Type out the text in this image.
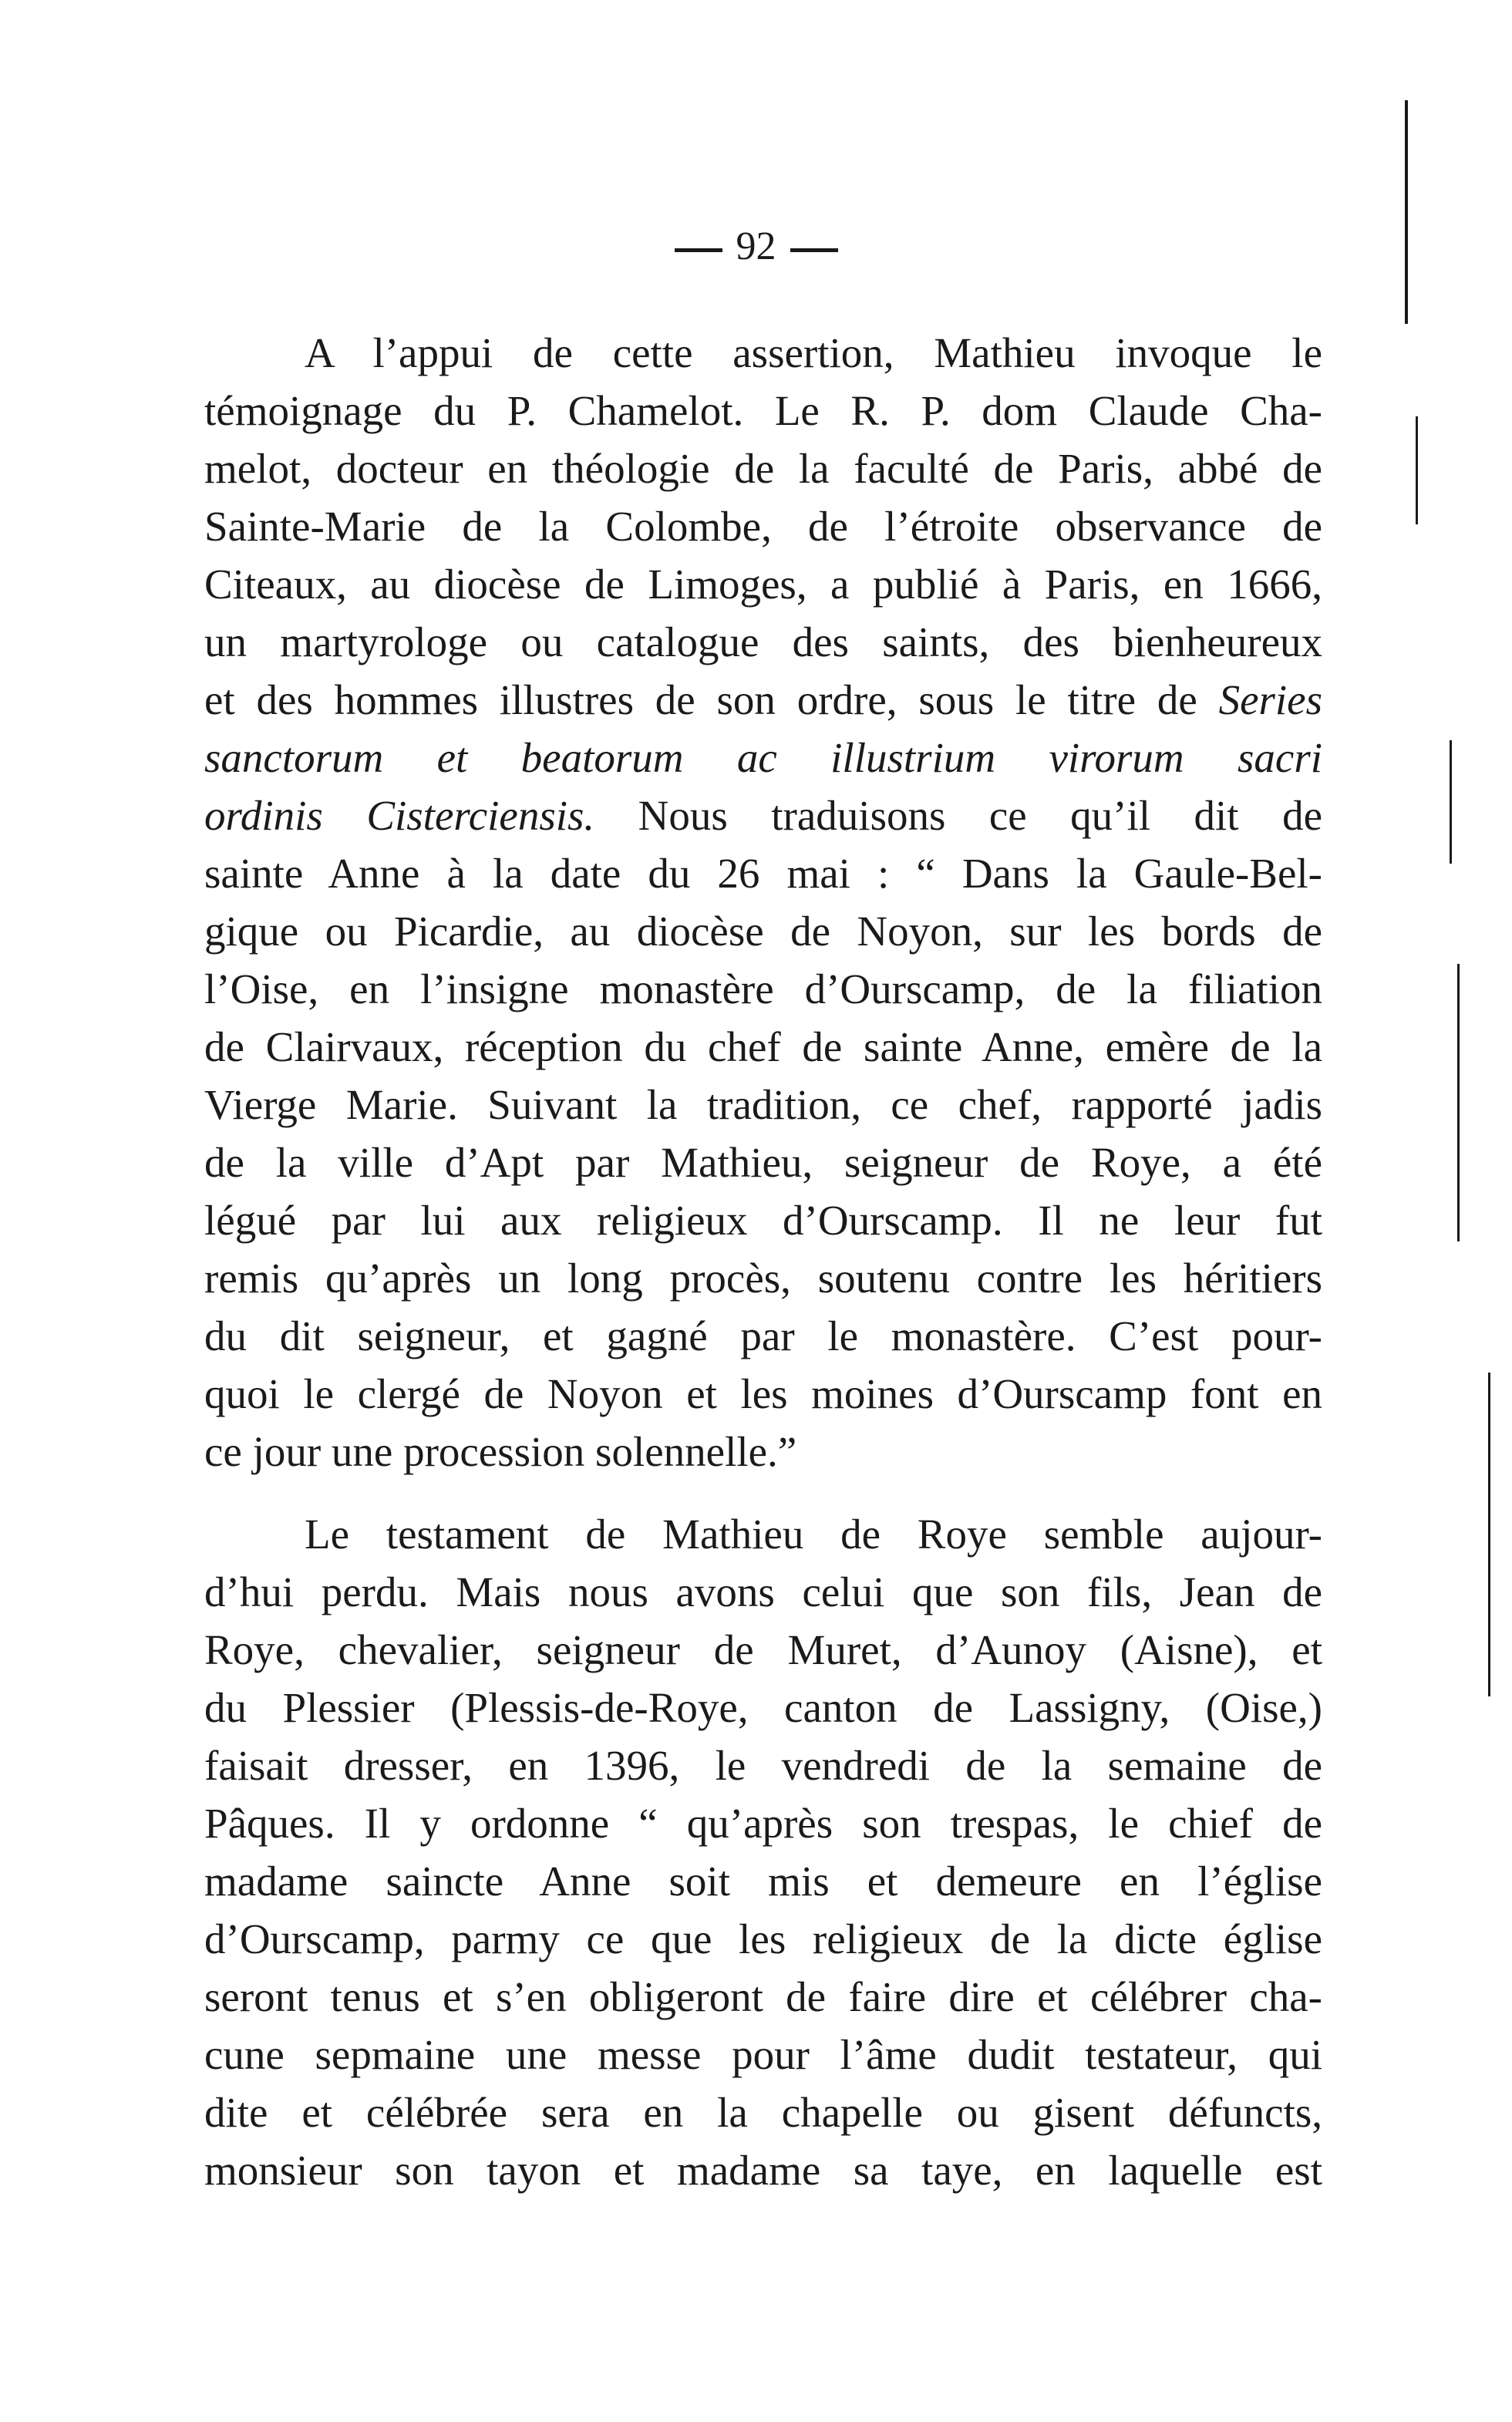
92
A l’appui de cette assertion, Mathieu invoque le
témoignage du P. Chamelot. Le R. P. dom Claude Cha-
melot, docteur en théologie de la faculté de Paris, abbé de
Sainte-Marie de la Colombe, de l’étroite observance de
Citeaux, au diocèse de Limoges, a publié à Paris, en 1666,
un martyrologe ou catalogue des saints, des bienheureux
et des hommes illustres de son ordre, sous le titre de Series
sanctorum et beatorum ac illustrium virorum sacri
ordinis Cisterciensis. Nous traduisons ce qu’il dit de
sainte Anne à la date du 26 mai : “ Dans la Gaule-Bel-
gique ou Picardie, au diocèse de Noyon, sur les bords de
l’Oise, en l’insigne monastère d’Ourscamp, de la filiation
de Clairvaux, réception du chef de sainte Anne, emère de la
Vierge Marie. Suivant la tradition, ce chef, rapporté jadis
de la ville d’Apt par Mathieu, seigneur de Roye, a été
légué par lui aux religieux d’Ourscamp. Il ne leur fut
remis qu’après un long procès, soutenu contre les héritiers
du dit seigneur, et gagné par le monastère. C’est pour-
quoi le clergé de Noyon et les moines d’Ourscamp font en
ce jour une procession solennelle.”
Le testament de Mathieu de Roye semble aujour-
d’hui perdu. Mais nous avons celui que son fils, Jean de
Roye, chevalier, seigneur de Muret, d’Aunoy (Aisne), et
du Plessier (Plessis-de-Roye, canton de Lassigny, (Oise,)
faisait dresser, en 1396, le vendredi de la semaine de
Pâques. Il y ordonne “ qu’après son trespas, le chief de
madame saincte Anne soit mis et demeure en l’église
d’Ourscamp, parmy ce que les religieux de la dicte église
seront tenus et s’en obligeront de faire dire et célébrer cha-
cune sepmaine une messe pour l’âme dudit testateur, qui
dite et célébrée sera en la chapelle ou gisent défuncts,
monsieur son tayon et madame sa taye, en laquelle est
